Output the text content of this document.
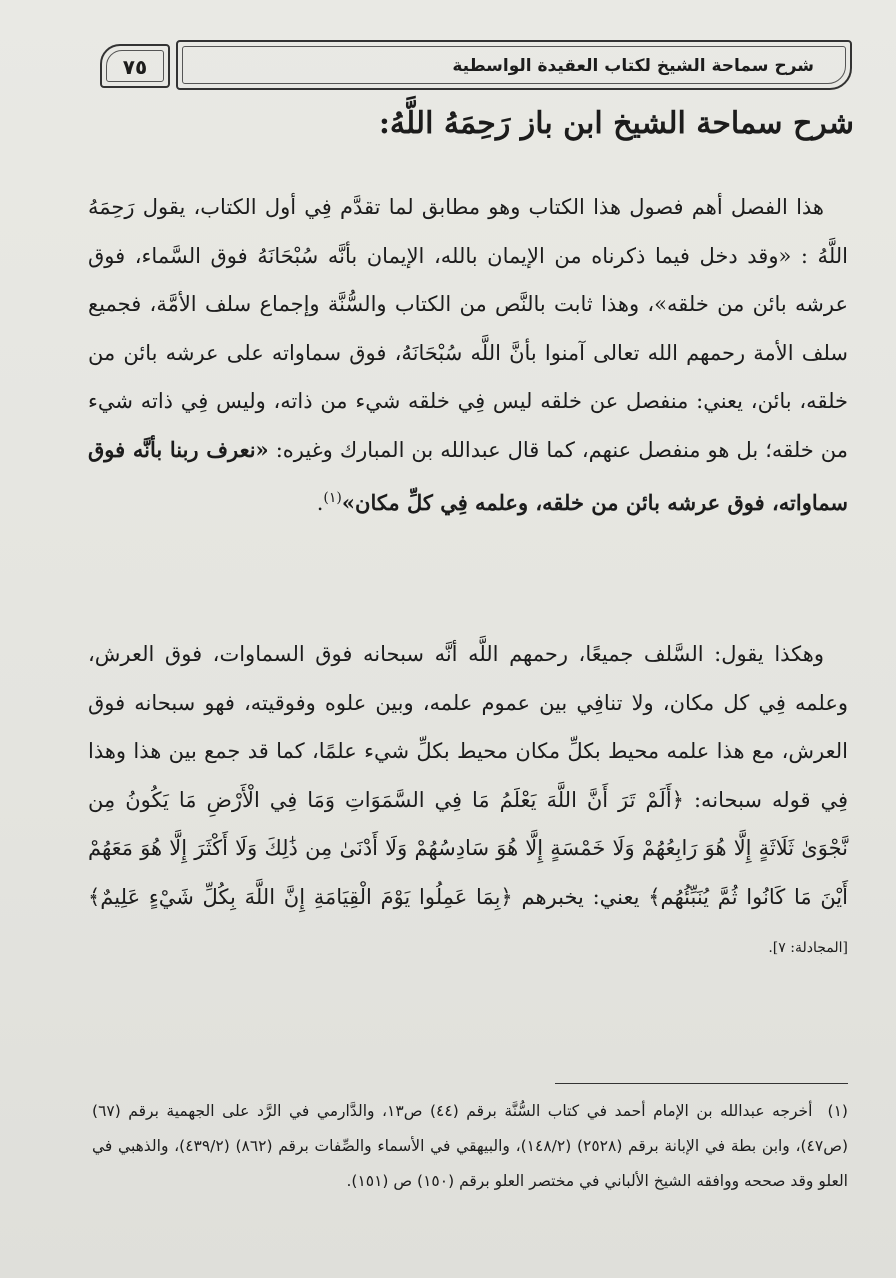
شرح سماحة الشيخ لكتاب العقيدة الواسطية
٧٥
شرح سماحة الشيخ ابن باز رَحِمَهُ اللَّهُ:
هذا الفصل أهم فصول هذا الكتاب وهو مطابق لما تقدَّم فِي أول الكتاب، يقول رَحِمَهُ اللَّهُ : «وقد دخل فيما ذكرناه من الإيمان بالله، الإيمان بأنَّه سُبْحَانَهُ فوق السَّماء، فوق عرشه بائن من خلقه»، وهذا ثابت بالنَّص من الكتاب والسُّنَّة وإجماع سلف الأمَّة، فجميع سلف الأمة رحمهم الله تعالى آمنوا بأنَّ اللَّه سُبْحَانَهُ، فوق سماواته على عرشه بائن من خلقه، بائن، يعني: منفصل عن خلقه ليس فِي خلقه شيء من ذاته، وليس فِي ذاته شيء من خلقه؛ بل هو منفصل عنهم، كما قال عبدالله بن المبارك وغيره: «نعرف ربنا بأنَّه فوق سماواته، فوق عرشه بائن من خلقه، وعلمه فِي كلِّ مكان»$^{(١)}$.
وهكذا يقول: السَّلف جميعًا، رحمهم اللَّه أنَّه سبحانه فوق السماوات، فوق العرش، وعلمه فِي كل مكان، ولا تنافِي بين عموم علمه، وبين علوه وفوقيته، فهو سبحانه فوق العرش، مع هذا علمه محيط بكلِّ مكان محيط بكلِّ شيء علمًا، كما قد جمع بين هذا وهذا فِي قوله سبحانه: ﴿أَلَمْ تَرَ أَنَّ اللَّهَ يَعْلَمُ مَا فِي السَّمَوَاتِ وَمَا فِي الْأَرْضِ مَا يَكُونُ مِن نَّجْوَىٰ ثَلَاثَةٍ إِلَّا هُوَ رَابِعُهُمْ وَلَا خَمْسَةٍ إِلَّا هُوَ سَادِسُهُمْ وَلَا أَدْنَىٰ مِن ذَٰلِكَ وَلَا أَكْثَرَ إِلَّا هُوَ مَعَهُمْ أَيْنَ مَا كَانُوا ثُمَّ يُنَبِّئُهُم﴾ يعني: يخبرهم ﴿بِمَا عَمِلُوا يَوْمَ الْقِيَامَةِ إِنَّ اللَّهَ بِكُلِّ شَيْءٍ عَلِيمٌ﴾ [المجادلة: ٧].
(١)  أخرجه عبدالله بن الإمام أحمد في كتاب السُّنَّة برقم (٤٤) ص١٣، والدَّارمي في الرَّد على الجهمية برقم (٦٧) (ص٤٧)، وابن بطة في الإبانة برقم (٢٥٢٨) (١٤٨/٢)، والبيهقي في الأسماء والصِّفات برقم (٨٦٢) (٤٣٩/٢)، والذهبي في العلو وقد صححه ووافقه الشيخ الألباني في مختصر العلو برقم (١٥٠) ص (١٥١).
